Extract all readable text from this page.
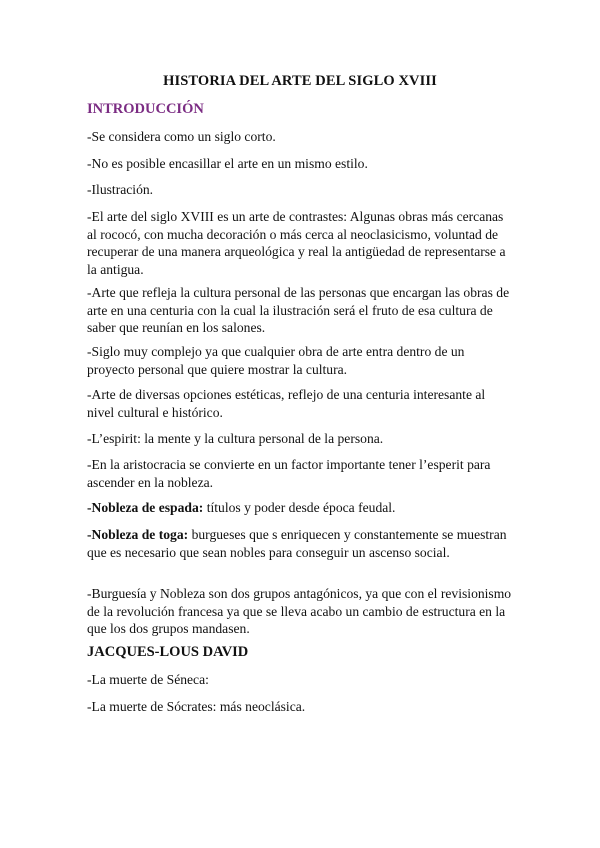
HISTORIA DEL ARTE DEL SIGLO XVIII
INTRODUCCIÓN
-Se considera como un siglo corto.
-No es posible encasillar el arte en un mismo estilo.
-Ilustración.
-El arte del siglo XVIII es un arte de contrastes: Algunas obras más cercanas al rococó, con mucha decoración o más cerca al neoclasicismo, voluntad de recuperar de una manera arqueológica y real la antigüedad de representarse a la antigua.
-Arte que refleja la cultura personal de las personas que encargan las obras de arte en una centuria con la cual la ilustración será el fruto de esa cultura de saber que reunían en los salones.
-Siglo muy complejo ya que cualquier obra de arte entra dentro de un proyecto personal que quiere mostrar la cultura.
-Arte de diversas opciones estéticas, reflejo de una centuria interesante al nivel cultural e histórico.
-L’espirit: la mente y la cultura personal de la persona.
-En la aristocracia se convierte en un factor importante tener l’esperit para ascender en la nobleza.
-Nobleza de espada: títulos y poder desde época feudal.
-Nobleza de toga: burgueses que s enriquecen y constantemente se muestran que es necesario que sean nobles para conseguir un ascenso social.
-Burguesía y Nobleza son dos grupos antagónicos, ya que con el revisionismo de la revolución francesa ya que se lleva acabo un cambio de estructura en la que los dos grupos mandasen.
JACQUES-LOUS DAVID
-La muerte de Séneca:
-La muerte de Sócrates: más neoclásica.
